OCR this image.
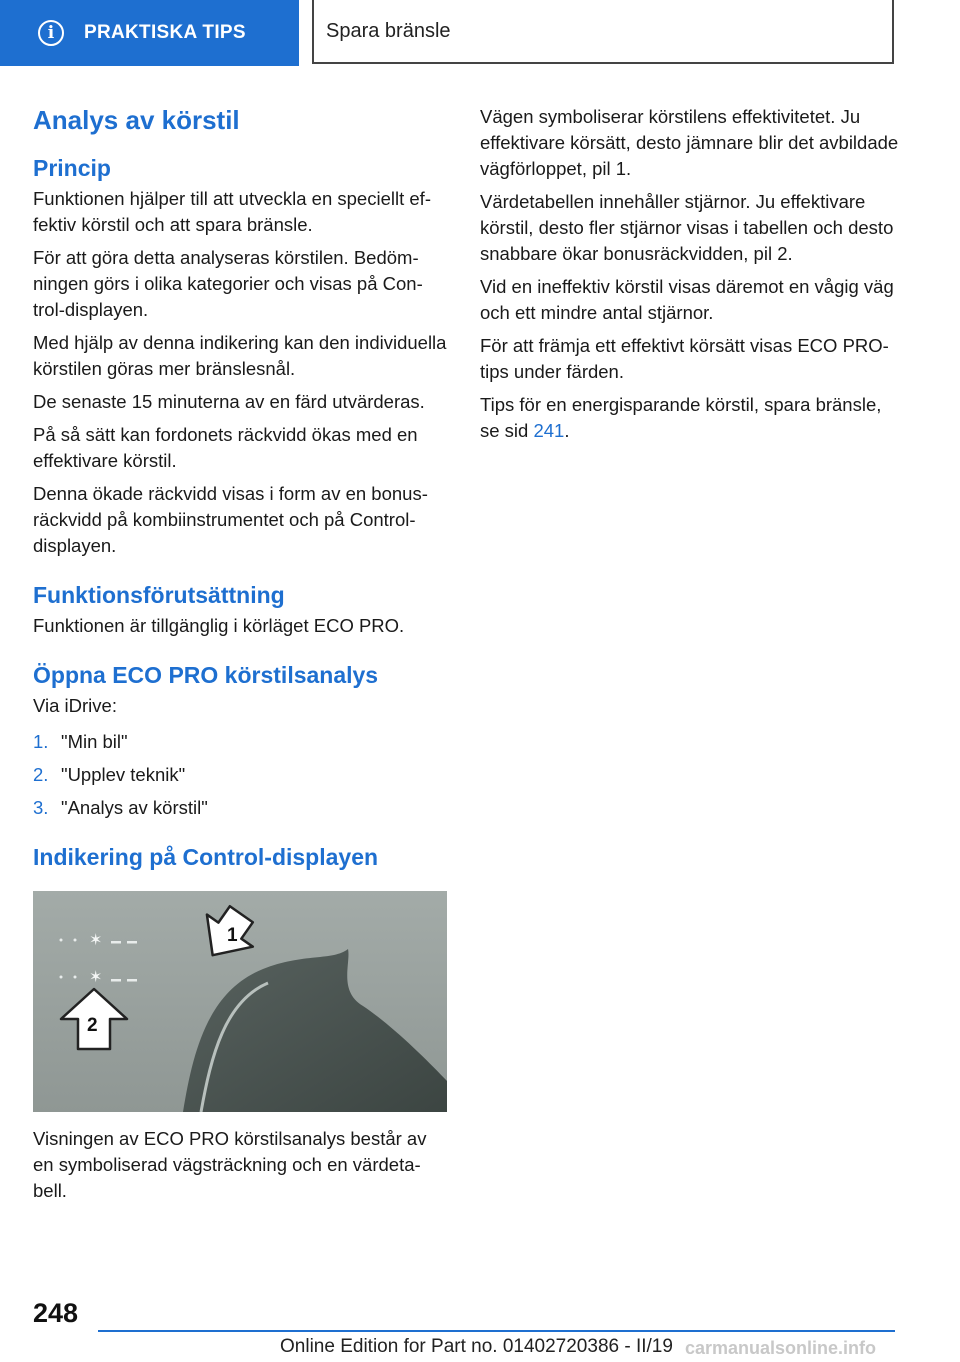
i	PRAKTISKA TIPS	Spara bränsle
Analys av körstil
Princip

Funktionen hjälper till att utveckla en speciellt effektiv körstil och att spara bränsle.

För att göra detta analyseras körstilen. Bedömningen görs i olika kategorier och visas på Control-displayen.

Med hjälp av denna indikering kan den individuella körstilen göras mer bränslesnål.

De senaste 15 minuterna av en färd utvärderas.

På så sätt kan fordonets räckvidd ökas med en effektivare körstil.

Denna ökade räckvidd visas i form av en bonusräckvidd på kombiinstrumentet och på Control-displayen.

Funktionsförutsättning

Funktionen är tillgänglig i körläget ECO PRO.

Öppna ECO PRO körstilsanalys

Via iDrive:

1. "Min bil"
2. "Upplev teknik"
3. "Analys av körstil"
Indikering på Control-displayen
✶
✶
1
2

Visningen av ECO PRO körstilsanalys består av en symboliserad vägsträckning och en värdetabell.

Vägen symboliserar körstilens effektivitetet. Ju effektivare körsätt, desto jämnare blir det avbildade vägförloppet, pil 1.

Värdetabellen innehåller stjärnor. Ju effektivare körstil, desto fler stjärnor visas i tabellen och desto snabbare ökar bonusräckvidden, pil 2.

Vid en ineffektiv körstil visas däremot en vågig väg och ett mindre antal stjärnor.

För att främja ett effektivt körsätt visas ECO PRO-tips under färden.

Tips för en energisparande körstil, spara bränsle, se sid 241.

248
Online Edition for Part no. 01402720386 - II/19 carmanualsonline.info
